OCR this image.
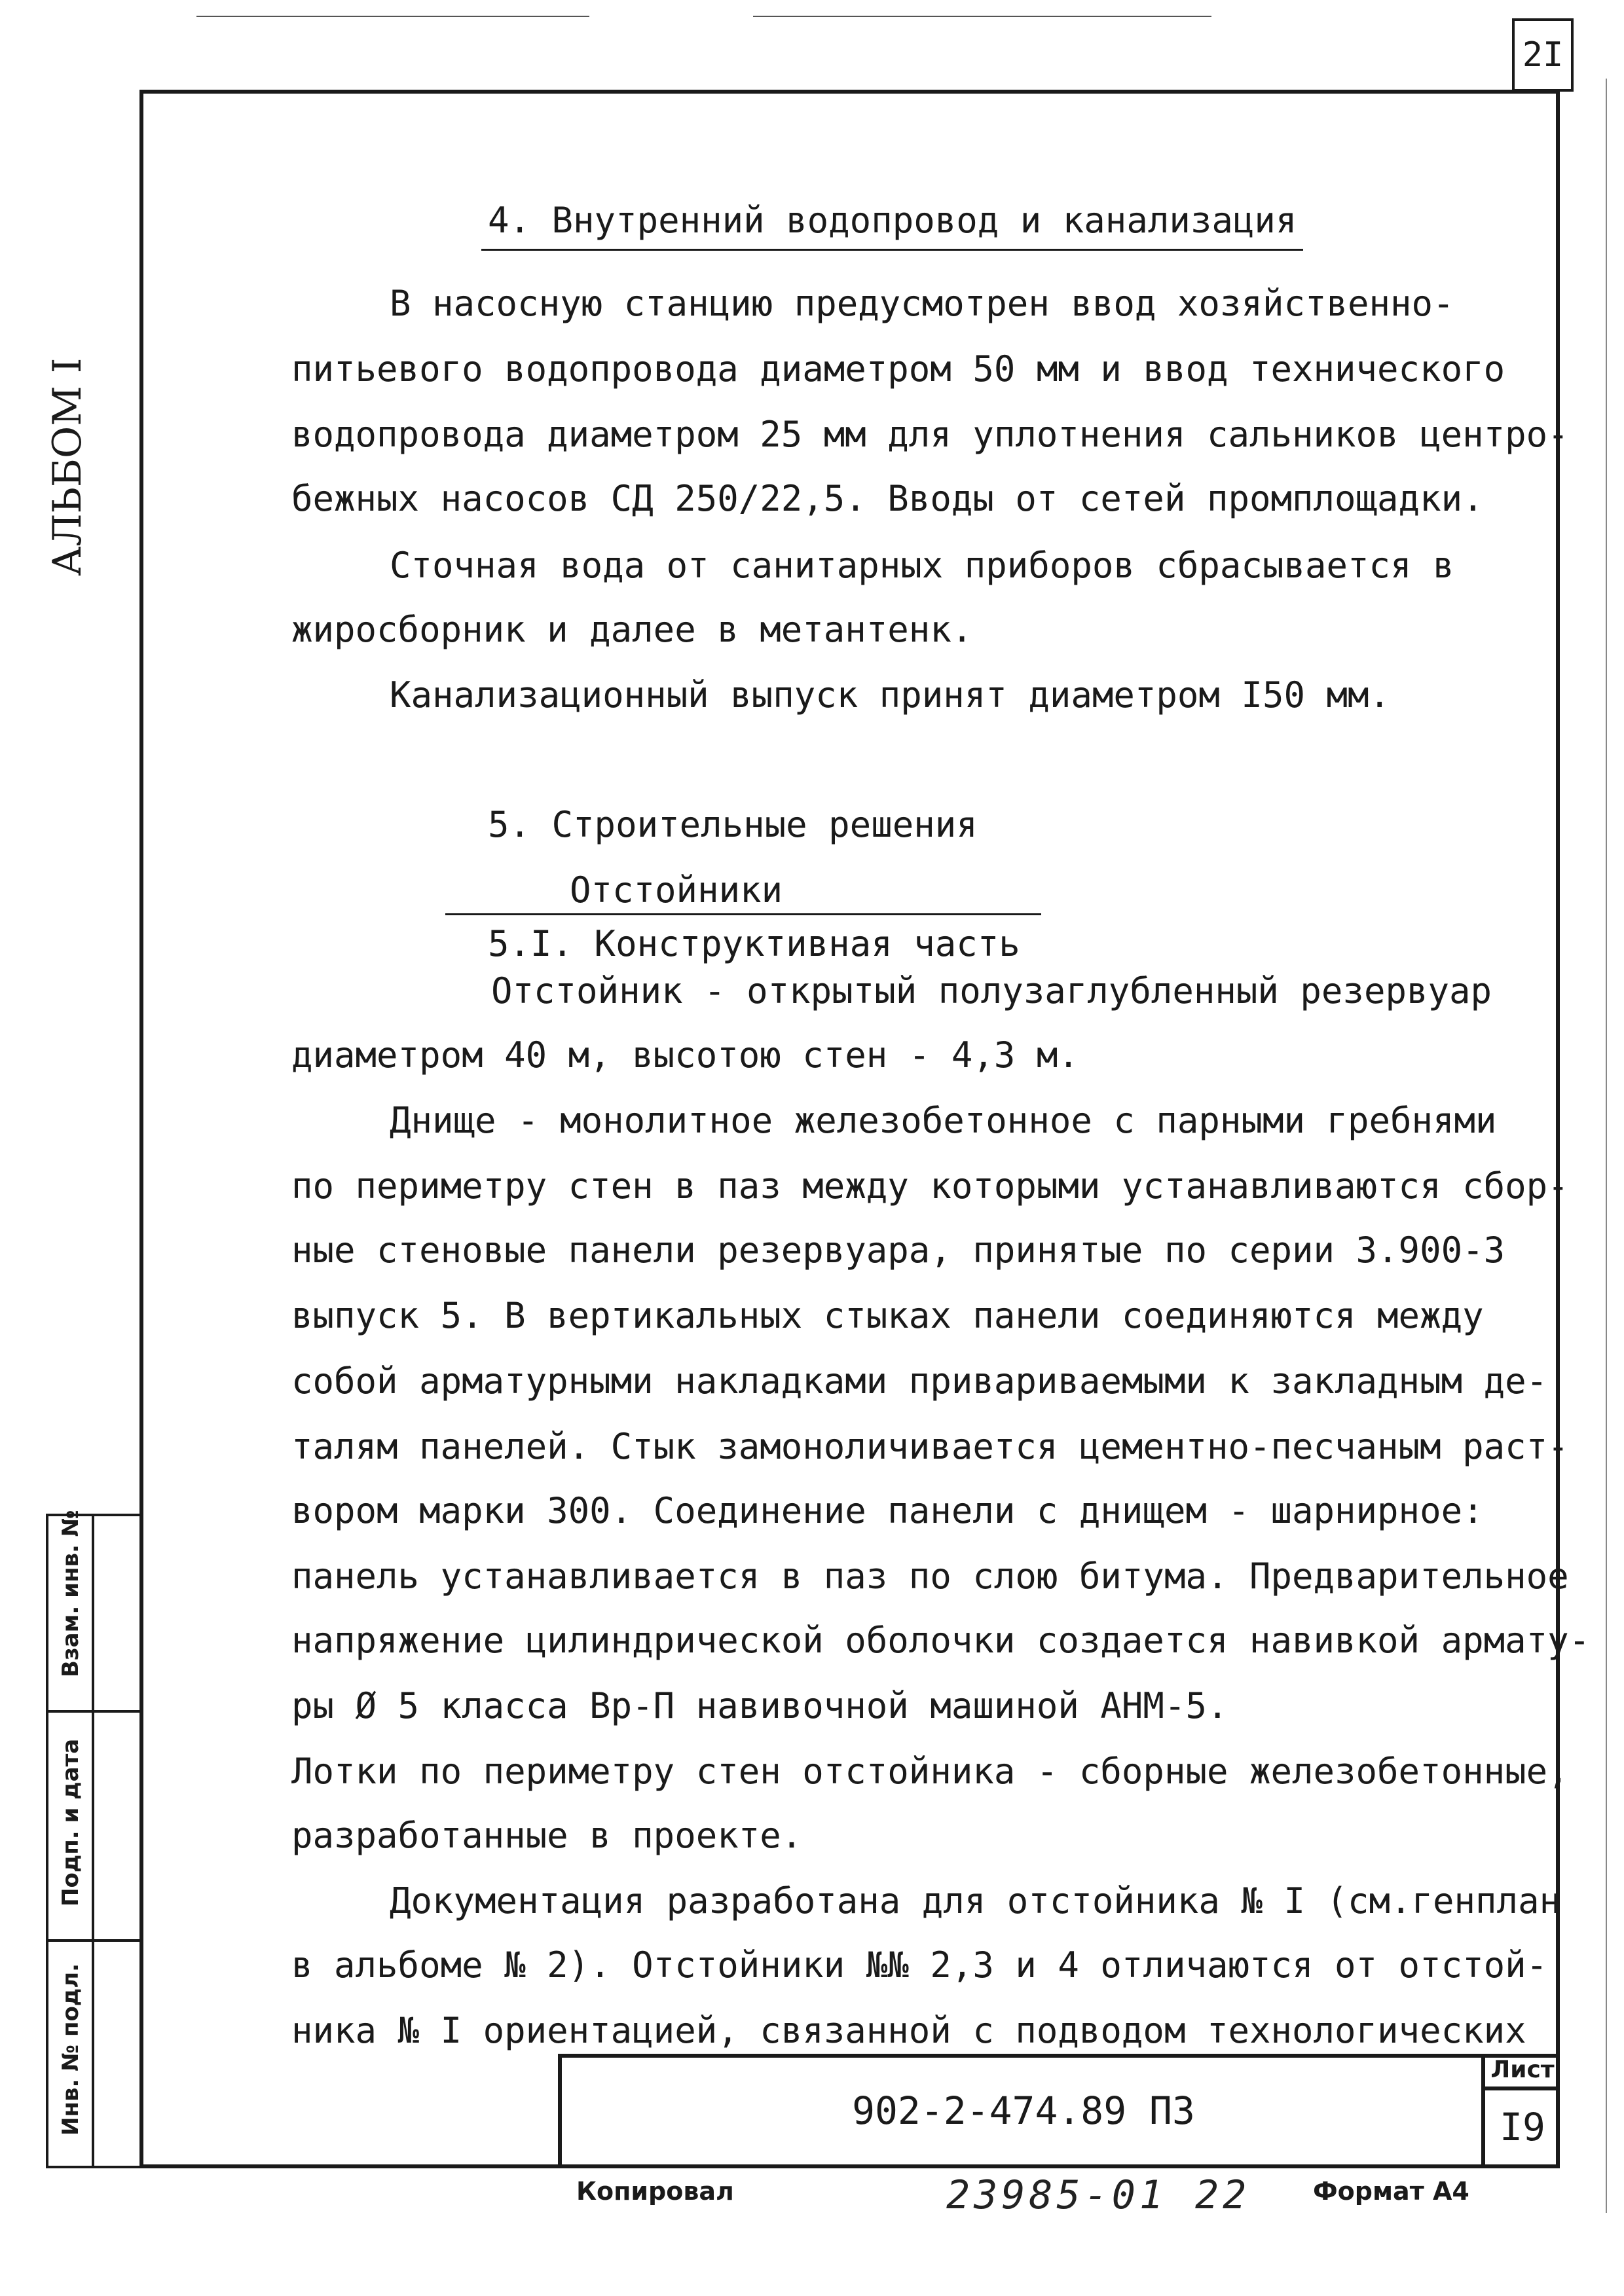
2I
АЛЬБОМ I
Взам. инв. №
Подп. и дата
Инв. № подл.
4. Внутренний водопровод и канализация
В насосную станцию предусмотрен ввод хозяйственно-
питьевого водопровода диаметром 50 мм и ввод технического
водопровода диаметром 25 мм для уплотнения сальников центро-
бежных насосов СД 250/22,5. Вводы от сетей промплощадки.
Сточная вода от санитарных приборов сбрасывается в
жиросборник и далее в метантенк.
Канализационный выпуск принят диаметром I50 мм.
5. Строительные решения
Отстойники
5.I. Конструктивная часть
Отстойник - открытый полузаглубленный резервуар
диаметром 40 м, высотою стен - 4,3 м.
Днище - монолитное железобетонное с парными гребнями
по периметру стен в паз между которыми устанавливаются сбор-
ные стеновые панели резервуара, принятые по серии 3.900-3
выпуск 5. В вертикальных стыках панели соединяются между
собой арматурными накладками привариваемыми к закладным де-
талям панелей. Стык замоноличивается цементно-песчаным раст-
вором марки 300. Соединение панели с днищем - шарнирное:
панель устанавливается в паз по слою битума. Предварительное
напряжение цилиндрической оболочки создается навивкой армату-
ры Ø 5 класса Вр-П навивочной машиной АНМ-5.
Лотки по периметру стен отстойника - сборные железобетонные,
разработанные в проекте.
Документация разработана для отстойника № I (см.генплан
в альбоме № 2). Отстойники №№ 2,3 и 4 отличаются от отстой-
ника № I ориентацией, связанной с подводом технологических
902-2-474.89 ПЗ
Лист
I9
Копировал	23985-01 22	Формат А4
